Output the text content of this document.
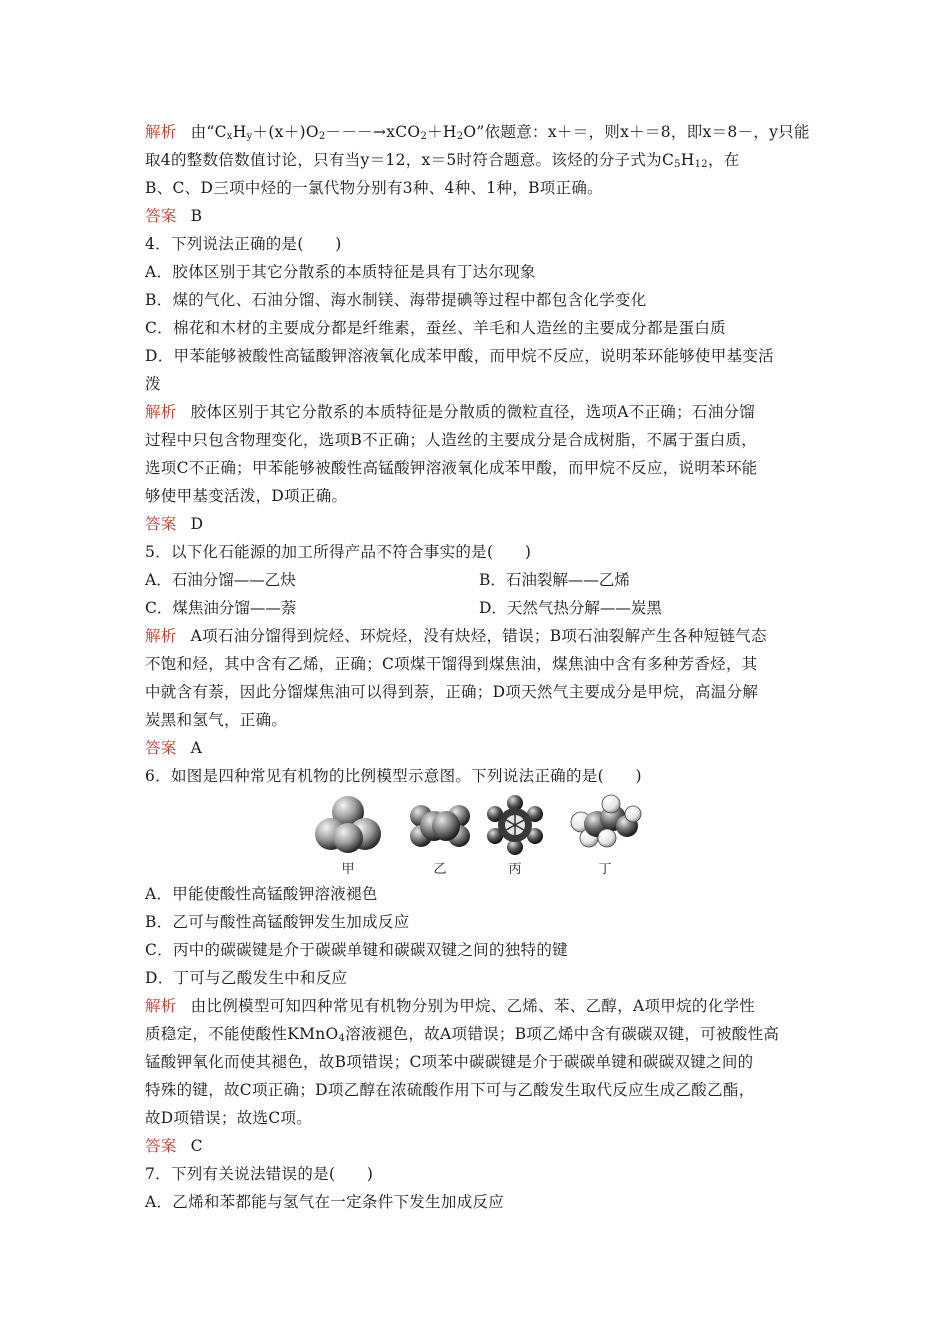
解析 由“$C_xH_y+(x+)O_2---\to xCO_2+H_2O$”依题意：x＋＝，则x＋＝8，即x＝8－，y只能
取4的整数倍数值讨论，只有当y＝12，x＝5时符合题意。该烃的分子式为$C_5H_{12}$，在
B、C、D三项中烃的一氯代物分别有3种、4种、1种，B项正确。
答案 B
4．下列说法正确的是(　　)
A．胶体区别于其它分散系的本质特征是具有丁达尔现象
B．煤的气化、石油分馏、海水制镁、海带提碘等过程中都包含化学变化
C．棉花和木材的主要成分都是纤维素，蚕丝、羊毛和人造丝的主要成分都是蛋白质
D．甲苯能够被酸性高锰酸钾溶液氧化成苯甲酸，而甲烷不反应，说明苯环能够使甲基变活
泼
解析 胶体区别于其它分散系的本质特征是分散质的微粒直径，选项A不正确；石油分馏
过程中只包含物理变化，选项B不正确；人造丝的主要成分是合成树脂，不属于蛋白质，
选项C不正确；甲苯能够被酸性高锰酸钾溶液氧化成苯甲酸，而甲烷不反应，说明苯环能
够使甲基变活泼，D项正确。
答案 D
5．以下化石能源的加工所得产品不符合事实的是(　　)
A．石油分馏——乙炔	B．石油裂解——乙烯
C．煤焦油分馏——萘	D．天然气热分解——炭黑
解析 A项石油分馏得到烷烃、环烷烃，没有炔烃，错误；B项石油裂解产生各种短链气态
不饱和烃，其中含有乙烯，正确；C项煤干馏得到煤焦油，煤焦油中含有多种芳香烃，其
中就含有萘，因此分馏煤焦油可以得到萘，正确；D项天然气主要成分是甲烷，高温分解
炭黑和氢气，正确。
答案 A
6．如图是四种常见有机物的比例模型示意图。下列说法正确的是(　　)
甲	乙	丙	丁
A．甲能使酸性高锰酸钾溶液褪色
B．乙可与酸性高锰酸钾发生加成反应
C．丙中的碳碳键是介于碳碳单键和碳碳双键之间的独特的键
D．丁可与乙酸发生中和反应
解析 由比例模型可知四种常见有机物分别为甲烷、乙烯、苯、乙醇，A项甲烷的化学性
质稳定，不能使酸性KMnO$_4$溶液褪色，故A项错误；B项乙烯中含有碳碳双键，可被酸性高
锰酸钾氧化而使其褪色，故B项错误；C项苯中碳碳键是介于碳碳单键和碳碳双键之间的
特殊的键，故C项正确；D项乙醇在浓硫酸作用下可与乙酸发生取代反应生成乙酸乙酯，
故D项错误；故选C项。
答案 C
7．下列有关说法错误的是(　　)
A．乙烯和苯都能与氢气在一定条件下发生加成反应
